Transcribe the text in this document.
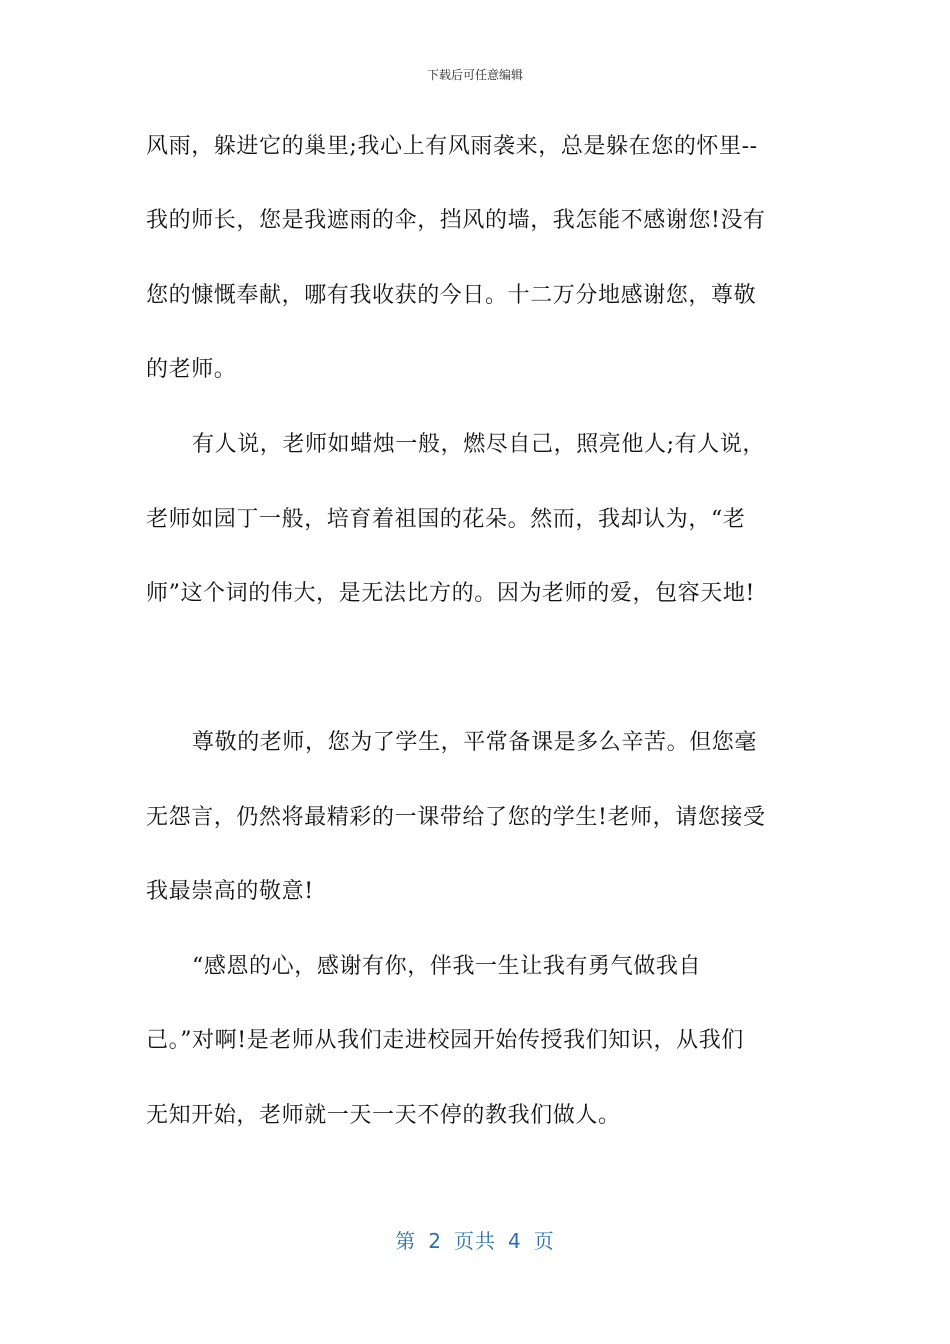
下载后可任意编辑
风雨，躲进它的巢里;我心上有风雨袭来，总是躲在您的怀里--
我的师长，您是我遮雨的伞，挡风的墙，我怎能不感谢您!没有
您的慷慨奉献，哪有我收获的今日。十二万分地感谢您，尊敬
的老师。
有人说，老师如蜡烛一般，燃尽自己，照亮他人;有人说，
老师如园丁一般，培育着祖国的花朵。然而，我却认为，“老
师”这个词的伟大，是无法比方的。因为老师的爱，包容天地!
尊敬的老师，您为了学生，平常备课是多么辛苦。但您毫
无怨言，仍然将最精彩的一课带给了您的学生!老师，请您接受
我最崇高的敬意!
“感恩的心，感谢有你，伴我一生让我有勇气做我自
己。”对啊!是老师从我们走进校园开始传授我们知识，从我们
无知开始，老师就一天一天不停的教我们做人。
第 2 页共 4 页
